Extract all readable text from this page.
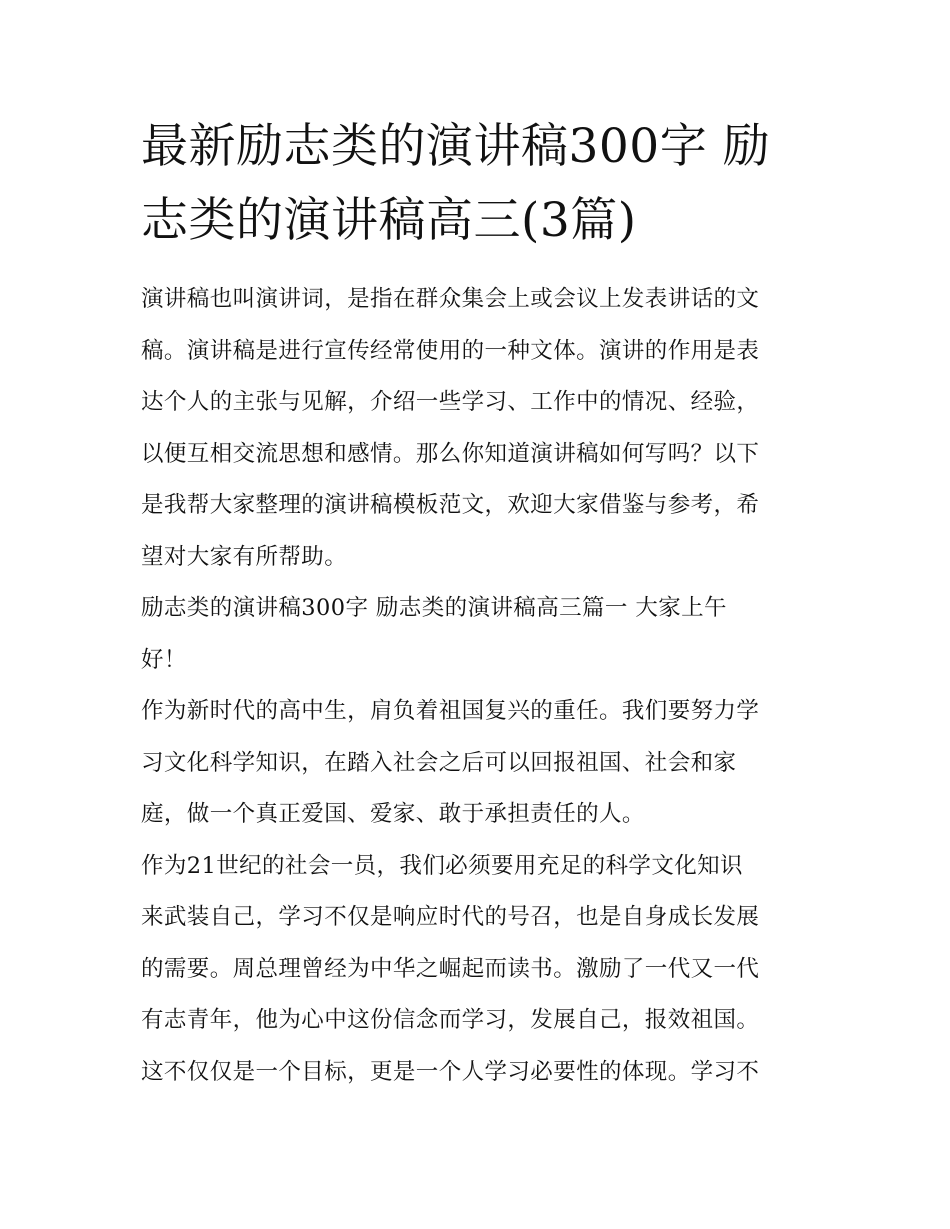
最新励志类的演讲稿300字 励
志类的演讲稿高三(3篇)

演讲稿也叫演讲词，是指在群众集会上或会议上发表讲话的文
稿。演讲稿是进行宣传经常使用的一种文体。演讲的作用是表
达个人的主张与见解，介绍一些学习、工作中的情况、经验，
以便互相交流思想和感情。那么你知道演讲稿如何写吗？以下
是我帮大家整理的演讲稿模板范文，欢迎大家借鉴与参考，希
望对大家有所帮助。

励志类的演讲稿300字 励志类的演讲稿高三篇一 大家上午
好！

作为新时代的高中生，肩负着祖国复兴的重任。我们要努力学
习文化科学知识，在踏入社会之后可以回报祖国、社会和家
庭，做一个真正爱国、爱家、敢于承担责任的人。

作为21世纪的社会一员，我们必须要用充足的科学文化知识
来武装自己，学习不仅是响应时代的号召，也是自身成长发展
的需要。周总理曾经为中华之崛起而读书。激励了一代又一代
有志青年，他为心中这份信念而学习，发展自己，报效祖国。
这不仅仅是一个目标，更是一个人学习必要性的体现。学习不
